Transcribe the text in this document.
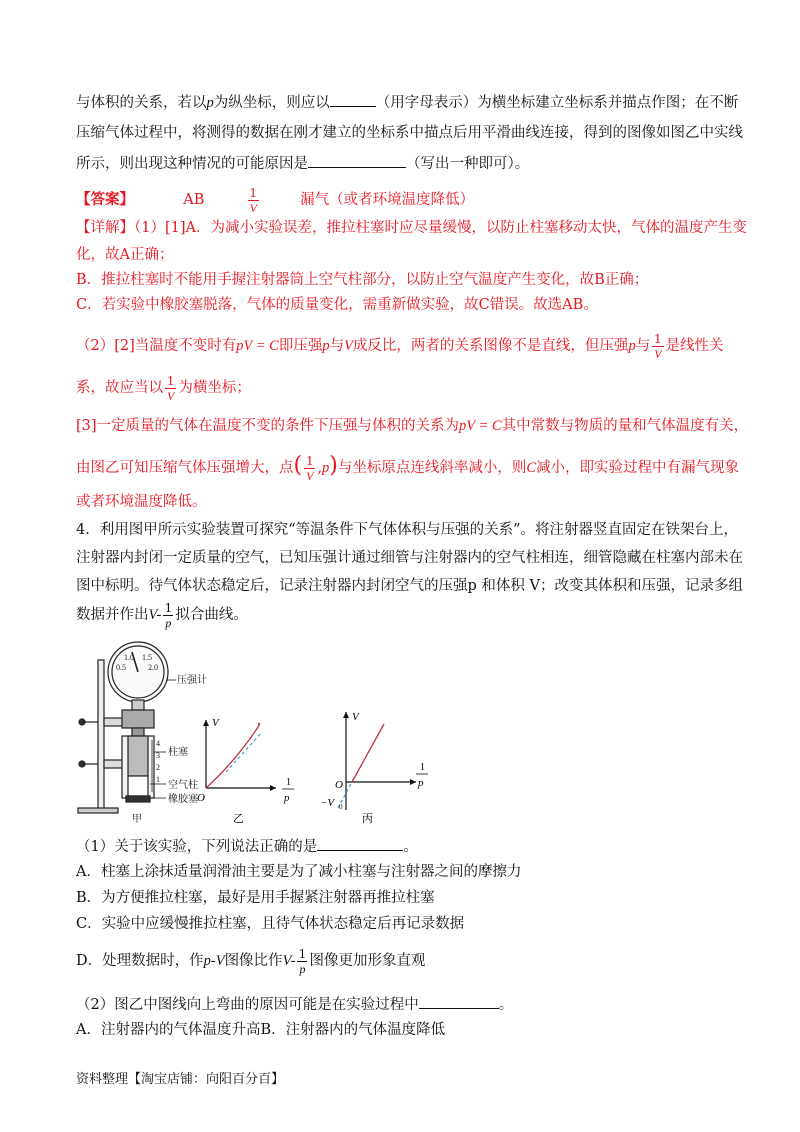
与体积的关系，若以p为纵坐标，则应以	（用字母表示）为横坐标建立坐标系并描点作图；在不断
压缩气体过程中，将测得的数据在刚才建立的坐标系中描点后用平滑曲线连接，得到的图像如图乙中实线
所示，则出现这种情况的可能原因是	（写出一种即可）。
【答案】	AB	$\frac{1}{V}$	漏气（或者环境温度降低）
【详解】（1）[1]A．为减小实验误差，推拉柱塞时应尽量缓慢，以防止柱塞移动太快，气体的温度产生变
化，故A正确；
B．推拉柱塞时不能用手握注射器筒上空气柱部分，以防止空气温度产生变化，故B正确；
C．若实验中橡胶塞脱落，气体的质量变化，需重新做实验，故C错误。故选AB。
（2）[2]当温度不变时有pV = C即压强p与V成反比，两者的关系图像不是直线，但压强p与 $\frac{1}{V}$ 是线性关
系，故应当以 $\frac{1}{V}$ 为横坐标；
[3]一定质量的气体在温度不变的条件下压强与体积的关系为pV = C其中常数与物质的量和气体温度有关，
由图乙可知压缩气体压强增大，点( $\frac{1}{V} ,p$)与坐标原点连线斜率减小，则C减小，即实验过程中有漏气现象
或者环境温度降低。
4．利用图甲所示实验装置可探究“等温条件下气体体积与压强的关系”。将注射器竖直固定在铁架台上，
注射器内封闭一定质量的空气，已知压强计通过细管与注射器内的空气柱相连，细管隐藏在柱塞内部未在
图中标明。待气体状态稳定后，记录注射器内封闭空气的压强p 和体积 V；改变其体积和压强，记录多组
数据并作出$V- \frac{1}{p}$ 拟合曲线。
0.5
1.0 1.5
2.0
4
3
2
1
压强计
柱塞
空气柱
橡胶塞
甲
V
O
1
p
乙
V
O
−V 0
1
p
丙
（1）关于该实验，下列说法正确的是	。
A．柱塞上涂抹适量润滑油主要是为了减小柱塞与注射器之间的摩擦力
B．为方便推拉柱塞，最好是用手握紧注射器再推拉柱塞
C．实验中应缓慢推拉柱塞，且待气体状态稳定后再记录数据
D．处理数据时，作p-V图像比作$V- \frac{1}{p}$ 图像更加形象直观
（2）图乙中图线向上弯曲的原因可能是在实验过程中	。
A．注射器内的气体温度升高B．注射器内的气体温度降低
资料整理【淘宝店铺：向阳百分百】
